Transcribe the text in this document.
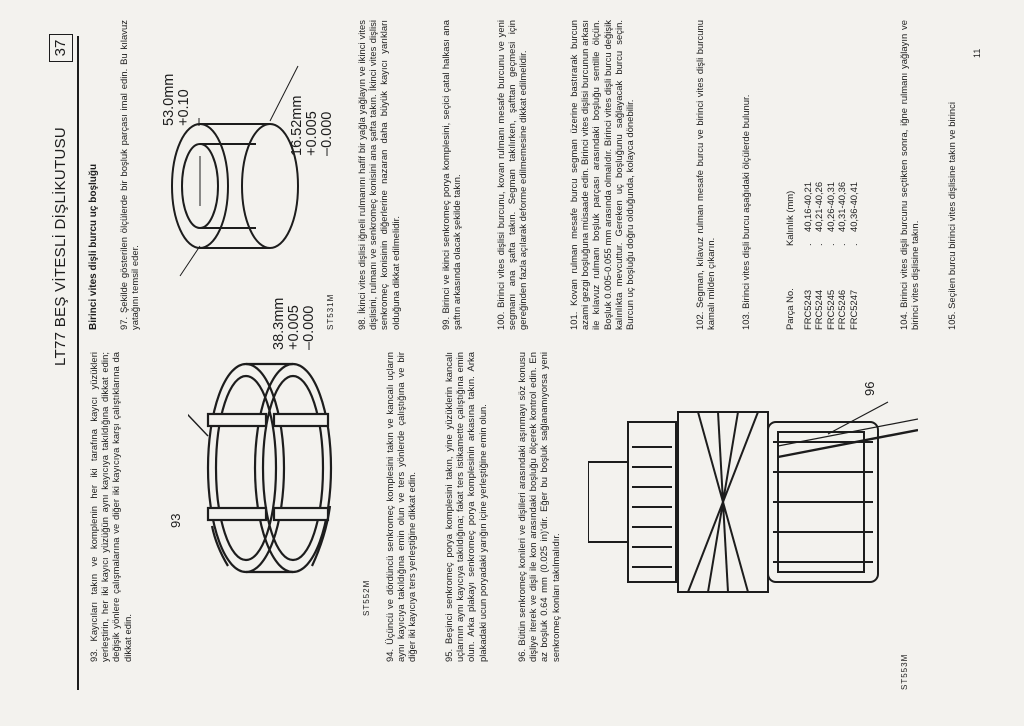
LT77 BEŞ VİTESLİ DİŞLİKUTUSU
37
93. Kayıcıları takın ve komplenin her iki tarafına kayıcı yüzükleri yerleştirin, her iki kayıcı yüzüğün aynı kayıcıya takıldığına dikkat edin; değişik yönlere çalışmalarına ve diğer iki kayıcıya karşı çalıştıklarına da dikkat edin.
93
ST552M 94. Üçüncü ve dördüncü senkromeç komplesini takın ve kancalı uçların aynı kayıcıya takıldığına emin olun ve ters yönlerde çalıştığına ve bir diğer iki kayıcıya ters yerleştiğine dikkat edin.	95. Beşinci senkromeç porya komplesini takın, yine yüzüklerin kancalı uçlarının aynı kayıcıya takıldığına; fakat ters istikamette çalıştığına emin olun. Arka plakayı senkromeç porya komplesinin arkasına takın. Arka plakadaki ucun poryadaki yarığın içine yerleştiğine emin olun.	96. Bütün senkromeç konileri ve dişlileri arasındaki aşınmayı söz konusu dişliye iterek ve dişli ile kon arasındaki boşluğu ölçerek kontrol edin. En az boşluk 0.64 mm (0.025 in)'dir. Eğer bu boşluk sağlanamıyorsa yeni senkromeç konları takılmalıdır.
96
ST553M
Birinci vites dişli burcu uç boşluğu 97. Şekilde gösterilen ölçülerde bir boşluk parçası imal edin. Bu kılavuz yatağını temsil eder.
53.0mm +0.10 –	16.52mm +0.005 –0.000
38.3mm +0.005 –0.000 ST531M 98. İkinci vites dişlisi iğneli rulmanını hafif bir yağla yağlayın ve ikinci vites dişlisini, rulmanı ve senkromeç konisini ana şafta takın. İkinci vites dişlisi senkromeç konisinin diğerlerine nazaran daha büyük kayıcı yarıkları olduğuna dikkat edilmelidir.	99. Birinci ve ikinci senkromeç porya komplesini, seçici çatal halkası ana şaftın arkasında olacak şekilde takın.	100. Birinci vites dişlisi burcunu, kovan rulmanı mesafe burcunu ve yeni segmanı ana şafta takın. Segman takılırken, şafttan geçmesi için gereğinden fazla açılarak deforme edilmemesine dikkat edilmelidir.	101. Kovan rulman mesafe burcu segman üzerine bastırarak burcun azami gezgi boşluğuna müsaade edin. Birinci vites dişlisi burcunun arkası ile kılavuz rulmanı boşluk parçası arasındaki boşluğu sentille ölçün. Boşluk 0.005-0.055 mm arasında olmalıdır. Birinci vites dişli burcu değişik kalınlıkta mevcuttur. Gereken uç boşluğunu sağlayacak burcu seçin. Burcun uç boşluğu doğru olduğunda, kolayca dönebilir.	102. Segman, kılavuz rulman mesafe burcu ve birinci vites dişli burcunu kamalı milden çıkarın.	103. Birinci vites dişli burcu aşağıdaki ölçülerde bulunur.	Parça No.	Kalınlık (mm)	

FRC5243	.	40,16-40,21
FRC5244	.	40,21-40,26
FRC5245	.	40,26-40,31
FRC5246	.	40,31-40,36
FRC5247	.	40,36-40,41	104. Birinci vites dişli burcunu seçtikten sonra, iğne rulmanı yağlayın ve birinci vites dişlisine takın.	105. Seçilen burcu birinci vites dişlisine takın ve birinci
11
